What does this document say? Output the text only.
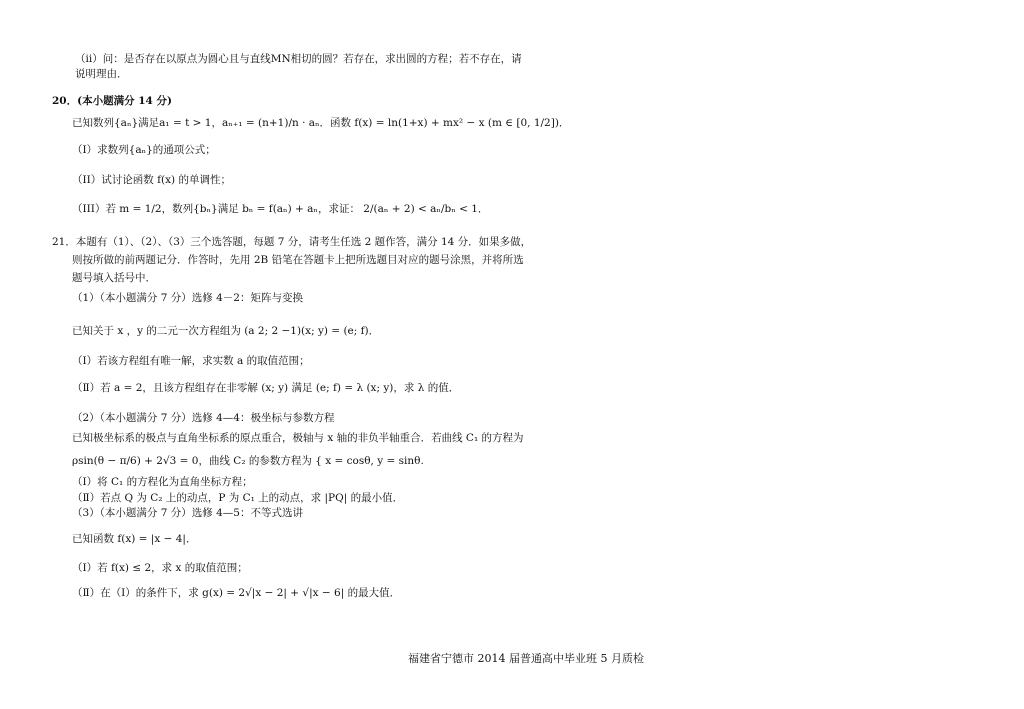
（ii）问：是否存在以原点为圆心且与直线MN相切的圆？若存在，求出圆的方程；若不存在，请
说明理由．
20．(本小题满分 14 分)
已知数列{aₙ}满足a₁ = t > 1，aₙ₊₁ = (n+1)/n · aₙ．函数 f(x) = ln(1+x) + mx² − x (m ∈ [0, 1/2])．
（I）求数列{aₙ}的通项公式；
（II）试讨论函数 f(x) 的单调性；
（III）若 m = 1/2，数列{bₙ}满足 bₙ = f(aₙ) + aₙ，求证： 2/(aₙ + 2) < aₙ/bₙ < 1．
21．本题有（1）、（2）、（3）三个选答题，每题 7 分，请考生任选 2 题作答，满分 14 分．如果多做，
则按所做的前两题记分．作答时，先用 2B 铅笔在答题卡上把所选题目对应的题号涂黑，并将所选
题号填入括号中．
（1）（本小题满分 7 分）选修 4－2：矩阵与变换
已知关于 x ，y 的二元一次方程组为 (a 2; 2 −1)(x; y) = (e; f)．
（Ⅰ）若该方程组有唯一解，求实数 a 的取值范围；
（Ⅱ）若 a = 2，且该方程组存在非零解 (x; y) 满足 (e; f) = λ (x; y)，求 λ 的值．
（2）（本小题满分 7 分）选修 4—4：极坐标与参数方程
已知极坐标系的极点与直角坐标系的原点重合，极轴与 x 轴的非负半轴重合．若曲线 C₁ 的方程为
ρsin(θ − π/6) + 2√3 = 0，曲线 C₂ 的参数方程为 { x = cosθ, y = sinθ.
（Ⅰ）将 C₁ 的方程化为直角坐标方程；
（Ⅱ）若点 Q 为 C₂ 上的动点，P 为 C₁ 上的动点，求 |PQ| 的最小值．
（3）（本小题满分 7 分）选修 4—5：不等式选讲
已知函数 f(x) = |x − 4|．
（Ⅰ）若 f(x) ≤ 2，求 x 的取值范围；
（Ⅱ）在（Ⅰ）的条件下，求 g(x) = 2√|x − 2| + √|x − 6| 的最大值．
福建省宁德市 2014 届普通高中毕业班 5 月质检
